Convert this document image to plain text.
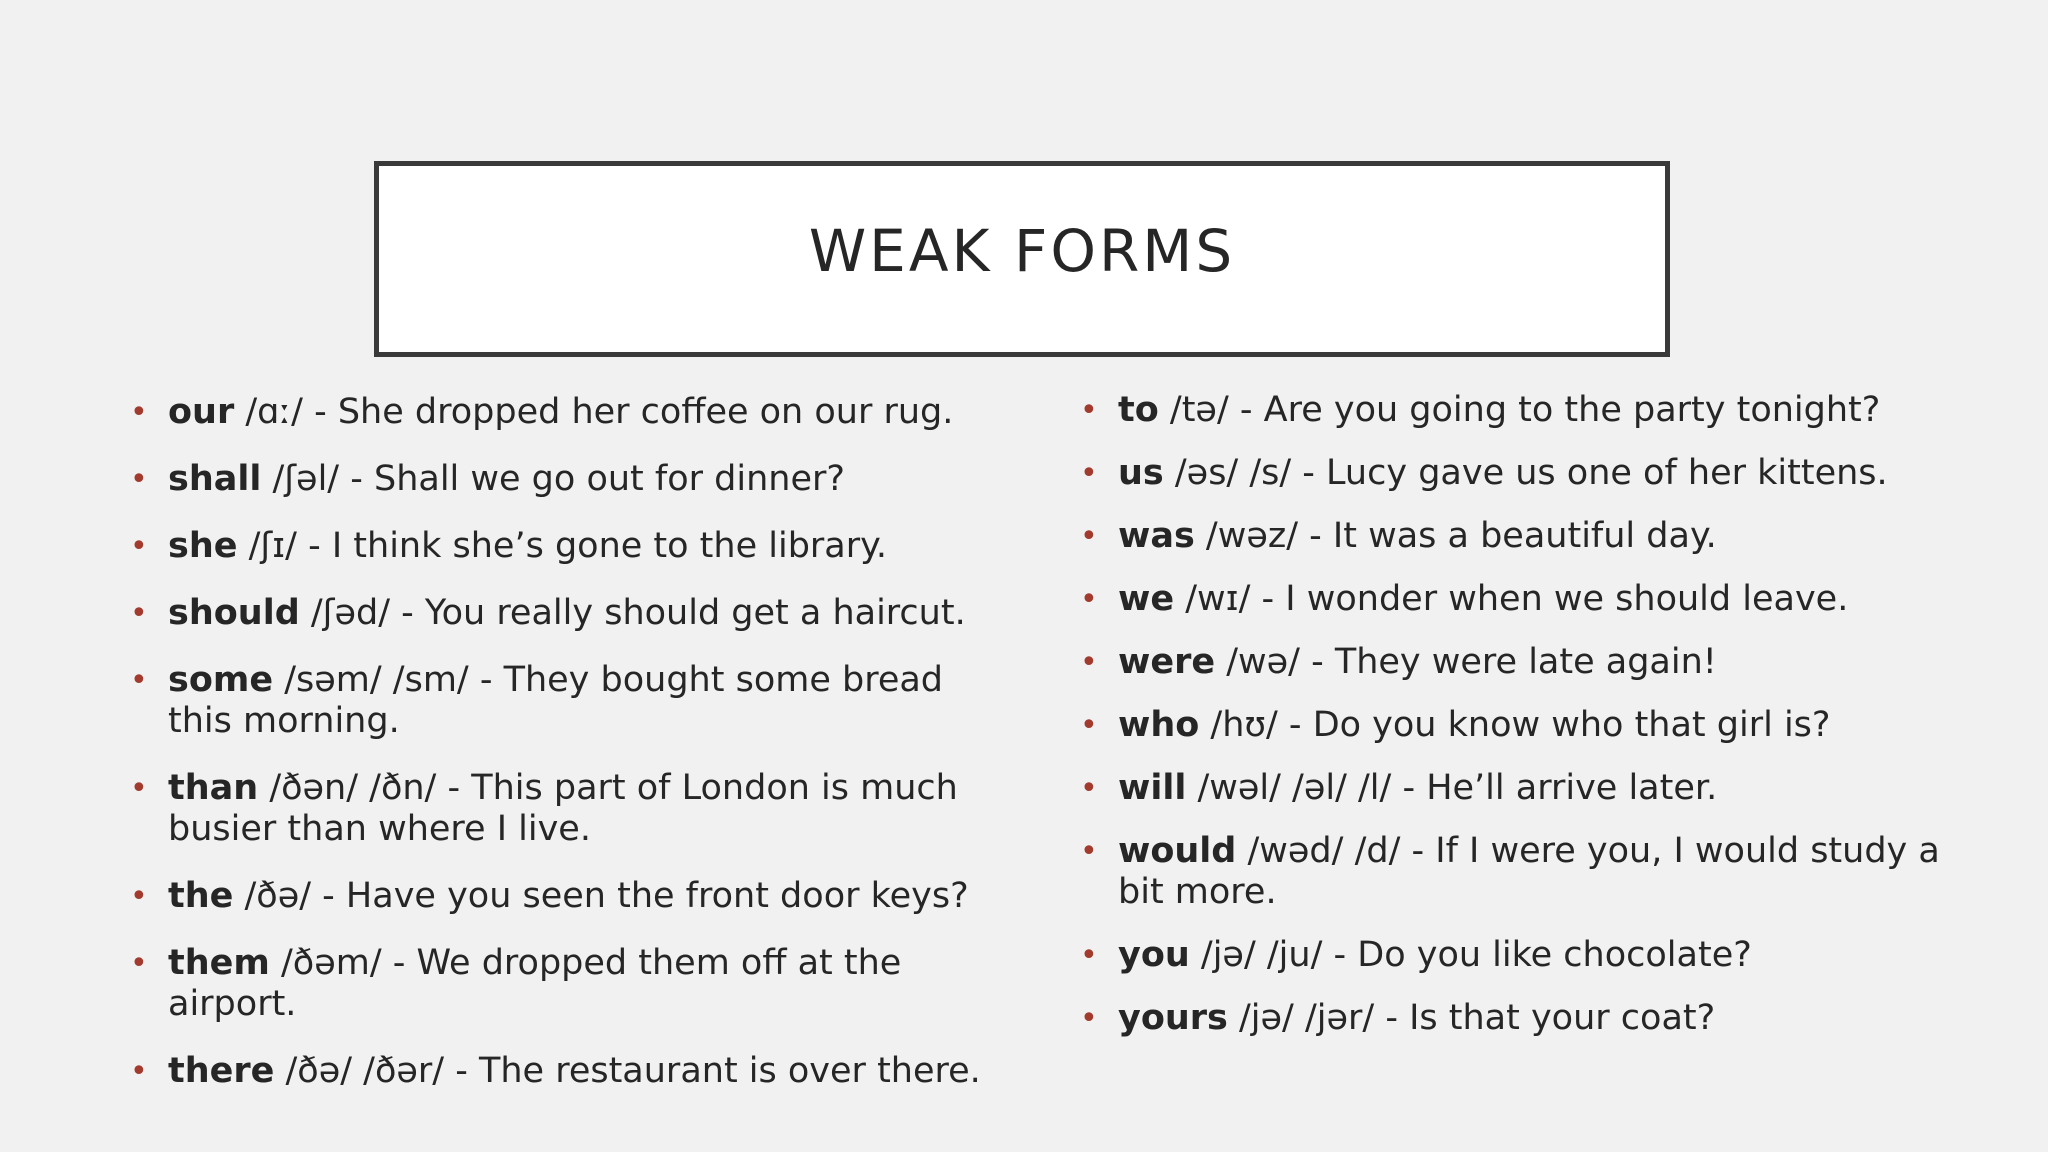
WEAK FORMS
• our /ɑː/ - She dropped her coffee on our rug.
• shall /ʃəl/ - Shall we go out for dinner?
• she /ʃɪ/ - I think she’s gone to the library.
• should /ʃəd/ - You really should get a haircut.
• some /səm/ /sm/ - They bought some bread this morning.
• than /ðən/ /ðn/ - This part of London is much busier than where I live.
• the /ðə/ - Have you seen the front door keys?
• them /ðəm/ - We dropped them off at the airport.
• there /ðə/ /ðər/ - The restaurant is over there.
• to /tə/ - Are you going to the party tonight?
• us /əs/ /s/ - Lucy gave us one of her kittens.
• was /wəz/ - It was a beautiful day.
• we /wɪ/ - I wonder when we should leave.
• were /wə/ - They were late again!
• who /hʊ/ - Do you know who that girl is?
• will /wəl/ /əl/ /l/ - He’ll arrive later.
• would /wəd/ /d/ - If I were you, I would study a bit more.
• you /jə/ /ju/ - Do you like chocolate?
• yours /jə/ /jər/ - Is that your coat?
